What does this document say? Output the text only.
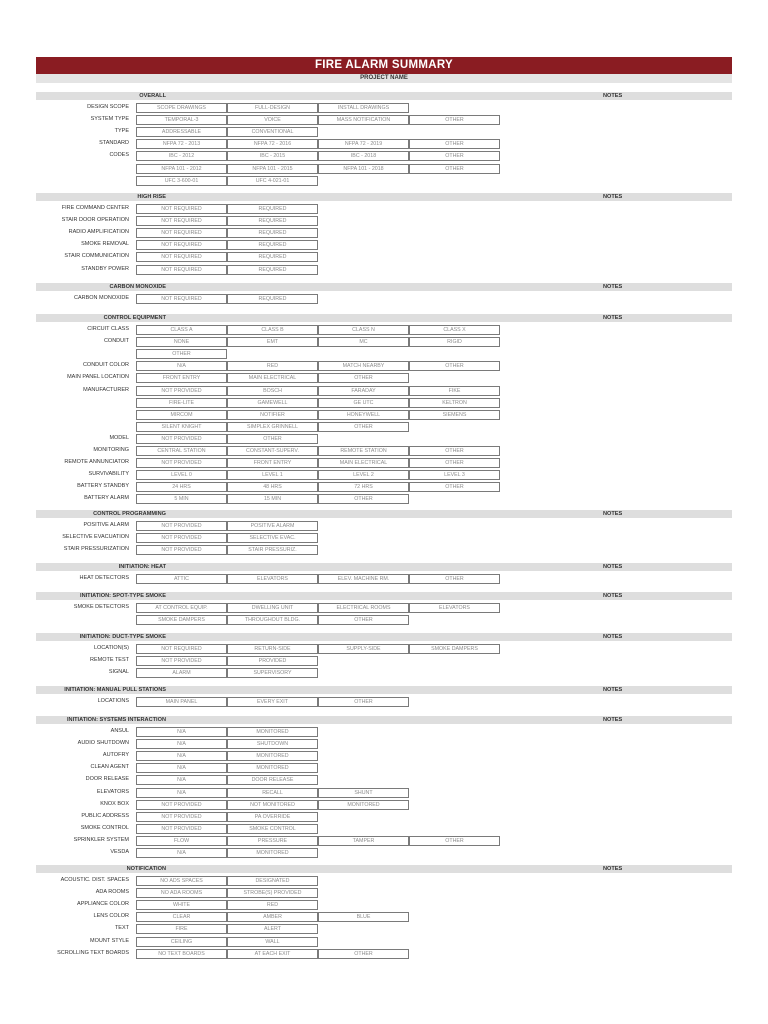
FIRE ALARM SUMMARY
PROJECT NAME
OVERALL	NOTES
DESIGN SCOPE	SCOPE DRAWINGS	FULL-DESIGN	INSTALL DRAWINGS
SYSTEM TYPE	TEMPORAL-3	VOICE	MASS NOTIFICATION	OTHER
TYPE	ADDRESSABLE	CONVENTIONAL
STANDARD	NFPA 72 - 2013	NFPA 72 - 2016	NFPA 72 - 2019	OTHER
CODES	IBC - 2012	IBC - 2015	IBC - 2018	OTHER
NFPA 101 - 2012	NFPA 101 - 2015	NFPA 101 - 2018	OTHER
UFC 3-600-01	UFC 4-021-01
HIGH RISE	NOTES
FIRE COMMAND CENTER	NOT REQUIRED	REQUIRED
STAIR DOOR OPERATION	NOT REQUIRED	REQUIRED
RADIO AMPLIFICATION	NOT REQUIRED	REQUIRED
SMOKE REMOVAL	NOT REQUIRED	REQUIRED
STAIR COMMUNICATION	NOT REQUIRED	REQUIRED
STANDBY POWER	NOT REQUIRED	REQUIRED
CARBON MONOXIDE	NOTES
CARBON MONOXIDE	NOT REQUIRED	REQUIRED
CONTROL EQUIPMENT	NOTES
CIRCUIT CLASS	CLASS A	CLASS B	CLASS N	CLASS X
CONDUIT	NONE	EMT	MC	RIGID
OTHER
CONDUIT COLOR	N/A	RED	MATCH NEARBY	OTHER
MAIN PANEL LOCATION	FRONT ENTRY	MAIN ELECTRICAL	OTHER
MANUFACTURER	NOT PROVIDED	BOSCH	FARADAY	FIKE
FIRE-LITE	GAMEWELL	GE UTC	KELTRON
MIRCOM	NOTIFIER	HONEYWELL	SIEMENS
SILENT KNIGHT	SIMPLEX GRINNELL	OTHER
MODEL	NOT PROVIDED	OTHER
MONITORING	CENTRAL STATION	CONSTANT-SUPERV.	REMOTE STATION	OTHER
REMOTE ANNUNCIATOR	NOT PROVIDED	FRONT ENTRY	MAIN ELECTRICAL	OTHER
SURVIVABILITY	LEVEL 0	LEVEL 1	LEVEL 2	LEVEL 3
BATTERY STANDBY	24 HRS	48 HRS	72 HRS	OTHER
BATTERY ALARM	5 MIN	15 MIN	OTHER
CONTROL PROGRAMMING	NOTES
POSITIVE ALARM	NOT PROVIDED	POSITIVE ALARM
SELECTIVE EVACUATION	NOT PROVIDED	SELECTIVE EVAC.
STAIR PRESSURIZATION	NOT PROVIDED	STAIR PRESSURIZ.
INITIATION: HEAT	NOTES
HEAT DETECTORS	ATTIC	ELEVATORS	ELEV. MACHINE RM.	OTHER
INITIATION: SPOT-TYPE SMOKE	NOTES
SMOKE DETECTORS	AT CONTROL EQUIP.	DWELLING UNIT	ELECTRICAL ROOMS	ELEVATORS
SMOKE DAMPERS	THROUGHOUT BLDG.	OTHER
INITIATION: DUCT-TYPE SMOKE	NOTES
LOCATION(S)	NOT REQUIRED	RETURN-SIDE	SUPPLY-SIDE	SMOKE DAMPERS
REMOTE TEST	NOT PROVIDED	PROVIDED
SIGNAL	ALARM	SUPERVISORY
INITIATION: MANUAL PULL STATIONS	NOTES
LOCATIONS	MAIN PANEL	EVERY EXIT	OTHER
INITIATION: SYSTEMS INTERACTION	NOTES
ANSUL	N/A	MONITORED
AUDIO SHUTDOWN	N/A	SHUTDOWN
AUTOFRY	N/A	MONITORED
CLEAN AGENT	N/A	MONITORED
DOOR RELEASE	N/A	DOOR RELEASE
ELEVATORS	N/A	RECALL	SHUNT
KNOX BOX	NOT PROVIDED	NOT MONITORED	MONITORED
PUBLIC ADDRESS	NOT PROVIDED	PA OVERRIDE
SMOKE CONTROL	NOT PROVIDED	SMOKE CONTROL
SPRINKLER SYSTEM	FLOW	PRESSURE	TAMPER	OTHER
VESDA	N/A	MONITORED
NOTIFICATION	NOTES
ACOUSTIC. DIST. SPACES	NO ADS SPACES	DESIGNATED
ADA ROOMS	NO ADA ROOMS	STROBE(S) PROVIDED
APPLIANCE COLOR	WHITE	RED
LENS COLOR	CLEAR	AMBER	BLUE
TEXT	FIRE	ALERT
MOUNT STYLE	CEILING	WALL
SCROLLING TEXT BOARDS	NO TEXT BOARDS	AT EACH EXIT	OTHER
